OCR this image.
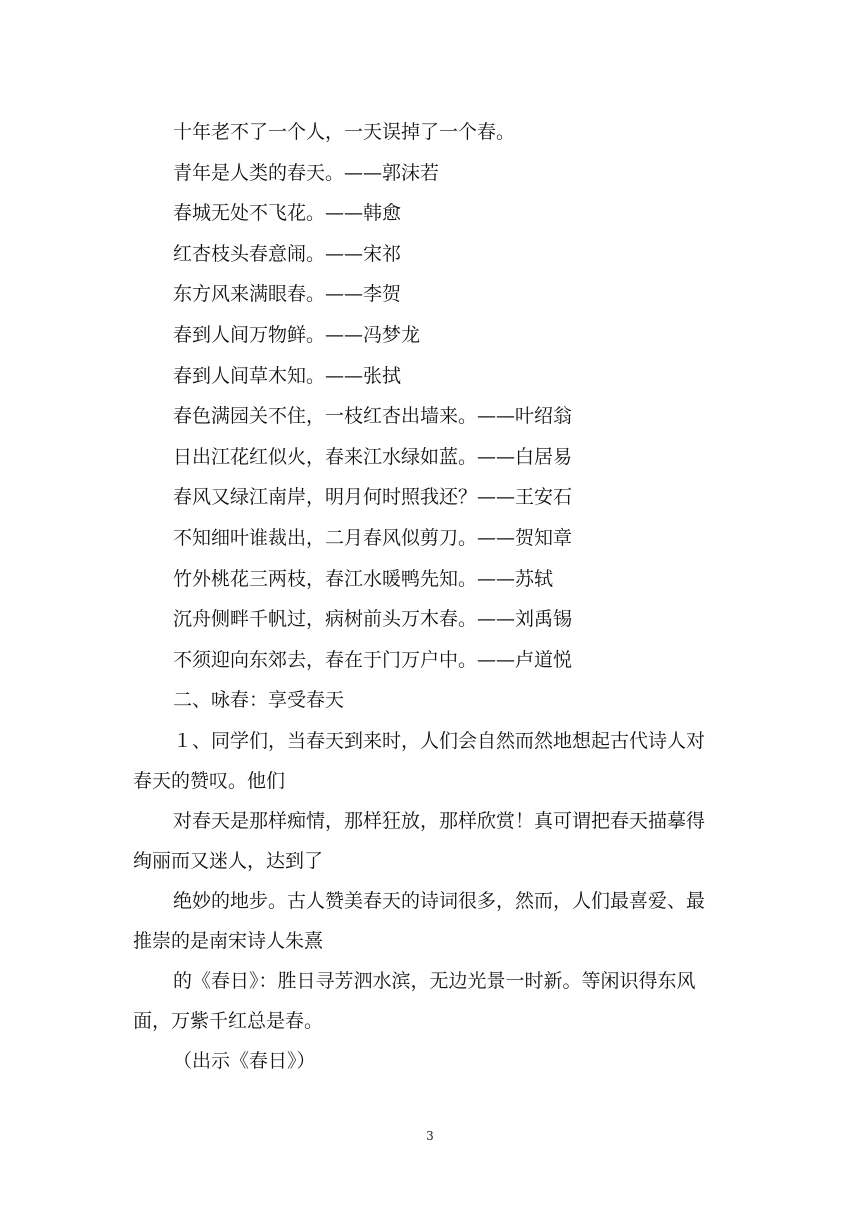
十年老不了一个人，一天误掉了一个春。
青年是人类的春天。——郭沫若
春城无处不飞花。——韩愈
红杏枝头春意闹。——宋祁
东方风来满眼春。——李贺
春到人间万物鲜。——冯梦龙
春到人间草木知。——张拭
春色满园关不住，一枝红杏出墙来。——叶绍翁
日出江花红似火，春来江水绿如蓝。——白居易
春风又绿江南岸，明月何时照我还？——王安石
不知细叶谁裁出，二月春风似剪刀。——贺知章
竹外桃花三两枝，春江水暖鸭先知。——苏轼
沉舟侧畔千帆过，病树前头万木春。——刘禹锡
不须迎向东郊去，春在于门万户中。——卢道悦
二、咏春：享受春天
１、同学们，当春天到来时，人们会自然而然地想起古代诗人对
春天的赞叹。他们
对春天是那样痴情，那样狂放，那样欣赏！真可谓把春天描摹得
绚丽而又迷人，达到了
绝妙的地步。古人赞美春天的诗词很多，然而，人们最喜爱、最
推崇的是南宋诗人朱熹
的《春日》：胜日寻芳泗水滨，无边光景一时新。等闲识得东风
面，万紫千红总是春。
（出示《春日》）
3
